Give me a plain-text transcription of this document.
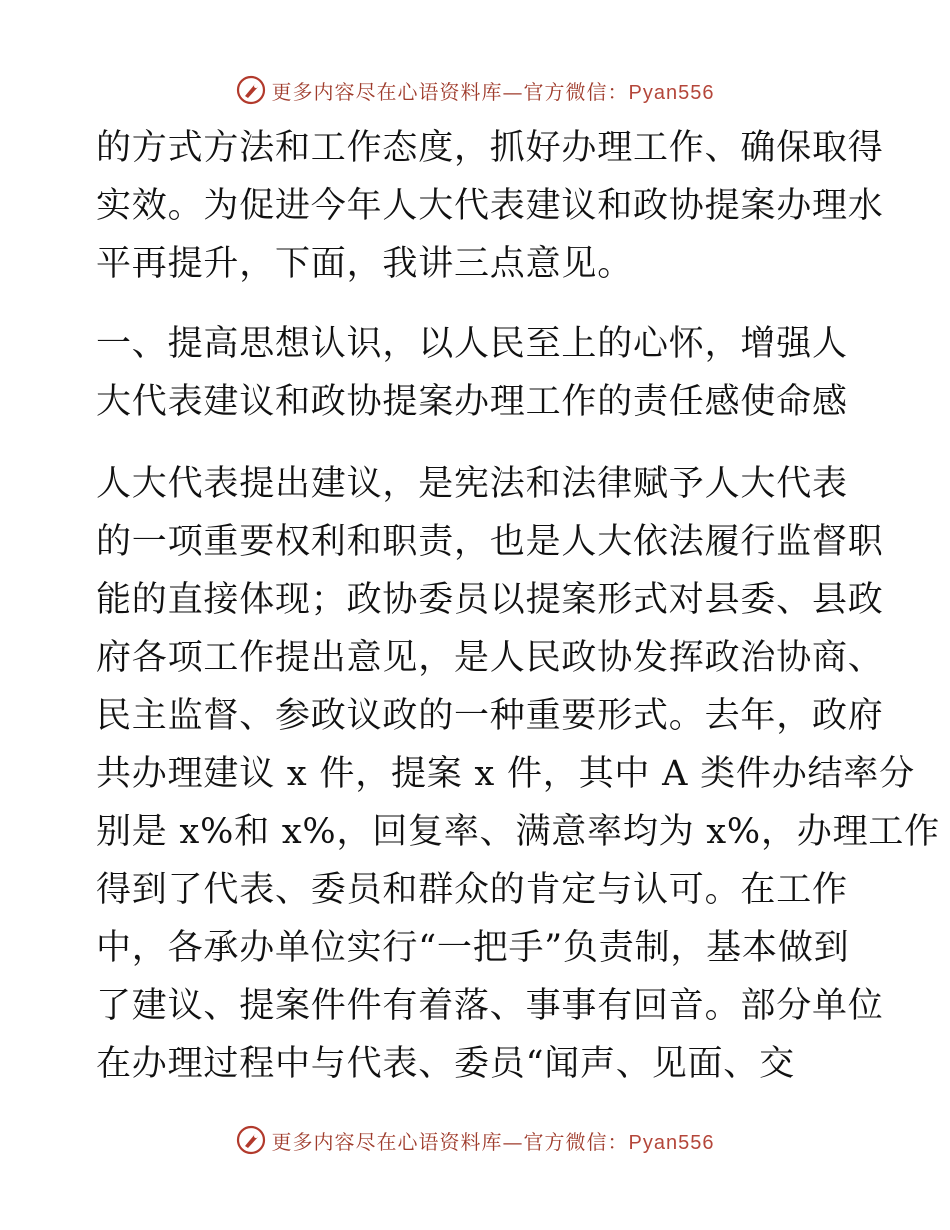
更多内容尽在心语资料库—官方微信：Pyan556
的方式方法和工作态度，抓好办理工作、确保取得
实效。为促进今年人大代表建议和政协提案办理水
平再提升，下面，我讲三点意见。
一、提高思想认识，以人民至上的心怀，增强人
大代表建议和政协提案办理工作的责任感使命感
人大代表提出建议，是宪法和法律赋予人大代表
的一项重要权利和职责，也是人大依法履行监督职
能的直接体现；政协委员以提案形式对县委、县政
府各项工作提出意见，是人民政协发挥政治协商、
民主监督、参政议政的一种重要形式。去年，政府
共办理建议 x 件，提案 x 件，其中 A 类件办结率分
别是 x%和 x%，回复率、满意率均为 x%，办理工作
得到了代表、委员和群众的肯定与认可。在工作
中，各承办单位实行“一把手”负责制，基本做到
了建议、提案件件有着落、事事有回音。部分单位
在办理过程中与代表、委员“闻声、见面、交
更多内容尽在心语资料库—官方微信：Pyan556
